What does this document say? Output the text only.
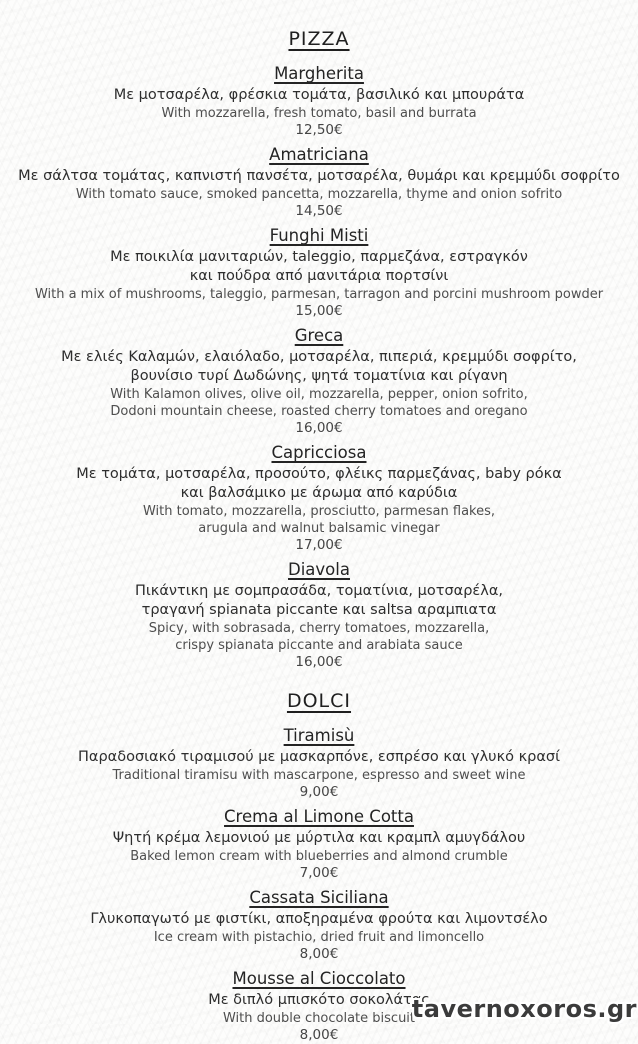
PIZZA
Margherita
Με μοτσαρέλα, φρέσκια τομάτα, βασιλικό και μπουράτα
With mozzarella, fresh tomato, basil and burrata
12,50€
Amatriciana
Με σάλτσα τομάτας, καπνιστή πανσέτα, μοτσαρέλα, θυμάρι και κρεμμύδι σοφρίτο
With tomato sauce, smoked pancetta, mozzarella, thyme and onion sofrito
14,50€
Funghi Misti
Με ποικιλία μανιταριών, taleggio, παρμεζάνα, εστραγκόν
και πούδρα από μανιτάρια πορτσίνι
With a mix of mushrooms, taleggio, parmesan, tarragon and porcini mushroom powder
15,00€
Greca
Με ελιές Καλαμών, ελαιόλαδο, μοτσαρέλα, πιπεριά, κρεμμύδι σοφρίτο,
βουνίσιο τυρί Δωδώνης, ψητά τοματίνια και ρίγανη
With Kalamon olives, olive oil, mozzarella, pepper, onion sofrito,
Dodoni mountain cheese, roasted cherry tomatoes and oregano
16,00€
Capricciosa
Με τομάτα, μοτσαρέλα, προσούτο, φλέικς παρμεζάνας, baby ρόκα
και βαλσάμικο με άρωμα από καρύδια
With tomato, mozzarella, prosciutto, parmesan flakes,
arugula and walnut balsamic vinegar
17,00€
Diavola
Πικάντικη με σομπρασάδα, τοματίνια, μοτσαρέλα,
τραγανή spianata piccante και saltsa αραμπιατα
Spicy, with sobrasada, cherry tomatoes, mozzarella,
crispy spianata piccante and arabiata sauce
16,00€
DOLCI
Tiramisù
Παραδοσιακό τιραμισού με μασκαρπόνε, εσπρέσο και γλυκό κρασί
Traditional tiramisu with mascarpone, espresso and sweet wine
9,00€
Crema al Limone Cotta
Ψητή κρέμα λεμονιού με μύρτιλα και κραμπλ αμυγδάλου
Baked lemon cream with blueberries and almond crumble
7,00€
Cassata Siciliana
Γλυκοπαγωτό με φιστίκι, αποξηραμένα φρούτα και λιμοντσέλο
Ice cream with pistachio, dried fruit and limoncello
8,00€
Mousse al Cioccolato
Με διπλό μπισκότο σοκολάτας
With double chocolate biscuit
8,00€
tavernoxoros.gr
